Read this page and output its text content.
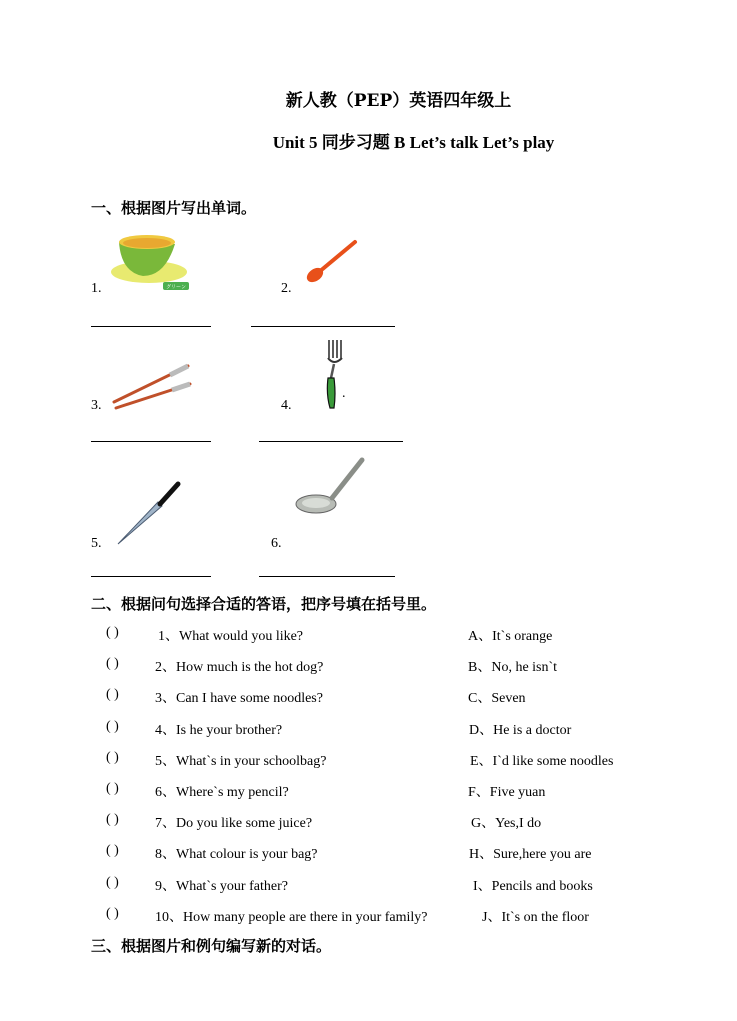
新人教（PEP）英语四年级上
Unit 5 同步习题 B Let’s talk Let’s play
一、根据图片写出单词。
1.	グリーン	2.
3.	4.
.
5.	6.
二、根据问句选择合适的答语，把序号填在括号里。
( )	1、What would you like?	A、It`s orange
( )	2、How much is the hot dog?	B、No, he isn`t
( )	3、Can I have some noodles?	C、Seven
( )	4、Is he your brother?	D、He is a doctor
( )	5、What`s in your schoolbag?	E、I`d like some noodles
( )	6、Where`s my pencil?	F、Five yuan
( )	7、Do you like some juice?	G、Yes,I do
( )	8、What colour is your bag?	H、Sure,here you are
( )	9、What`s your father?	I、Pencils and books
( )	10、How many people are there in your family?	J、It`s on the floor
三、根据图片和例句编写新的对话。
